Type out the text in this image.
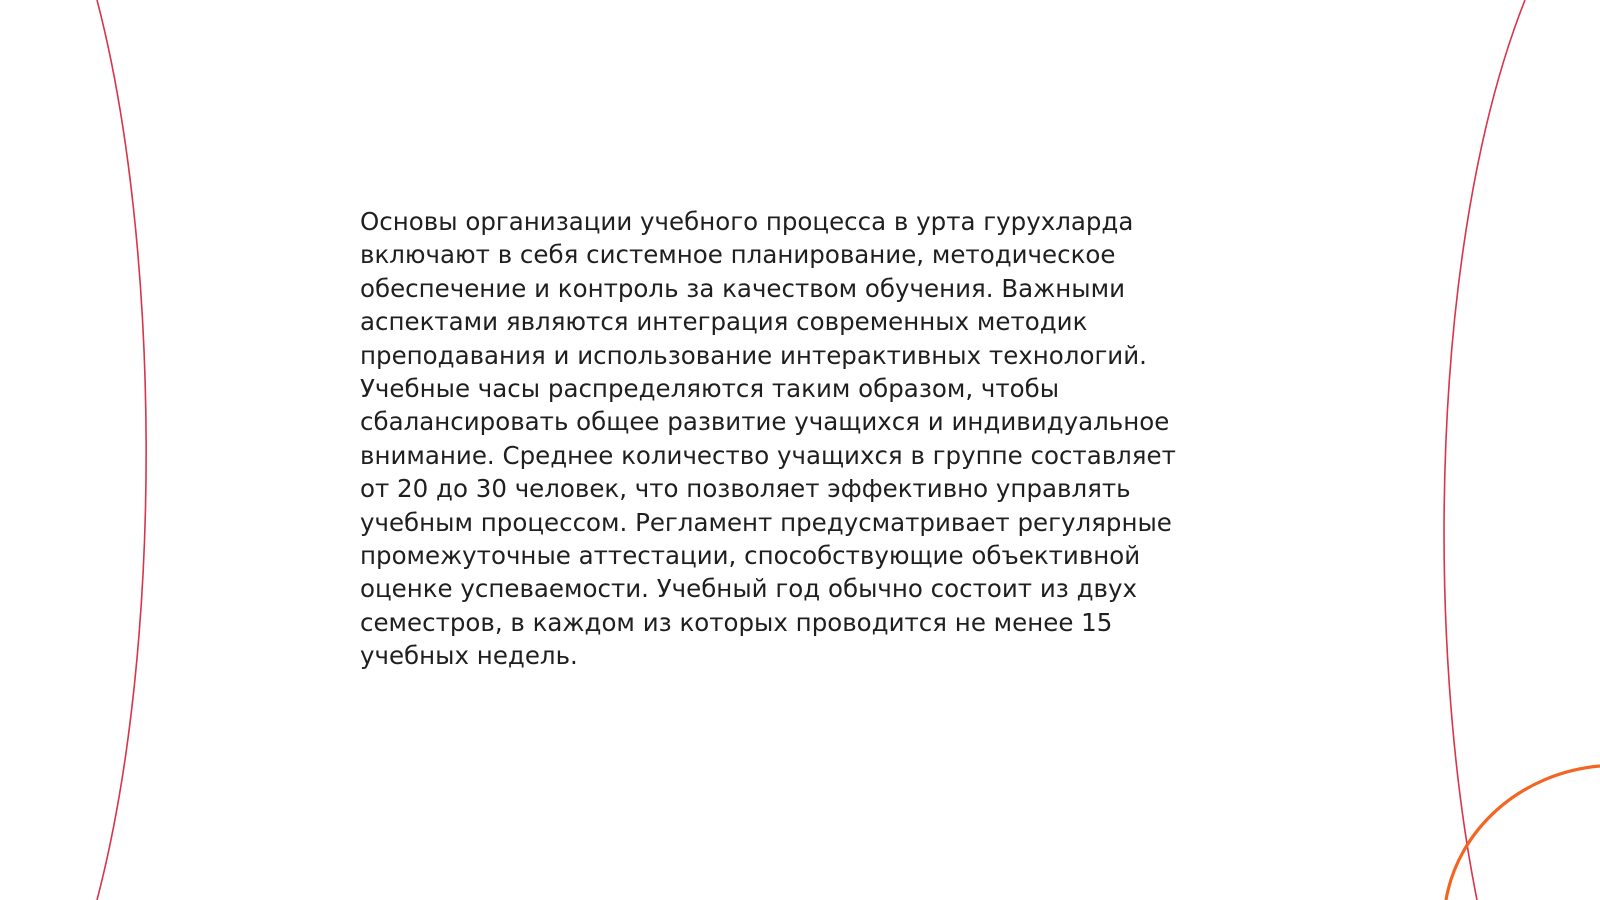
Основы организации учебного процесса в урта гурухларда
включают в себя системное планирование, методическое
обеспечение и контроль за качеством обучения. Важными
аспектами являются интеграция современных методик
преподавания и использование интерактивных технологий.
Учебные часы распределяются таким образом, чтобы
сбалансировать общее развитие учащихся и индивидуальное
внимание. Среднее количество учащихся в группе составляет
от 20 до 30 человек, что позволяет эффективно управлять
учебным процессом. Регламент предусматривает регулярные
промежуточные аттестации, способствующие объективной
оценке успеваемости. Учебный год обычно состоит из двух
семестров, в каждом из которых проводится не менее 15
учебных недель.
